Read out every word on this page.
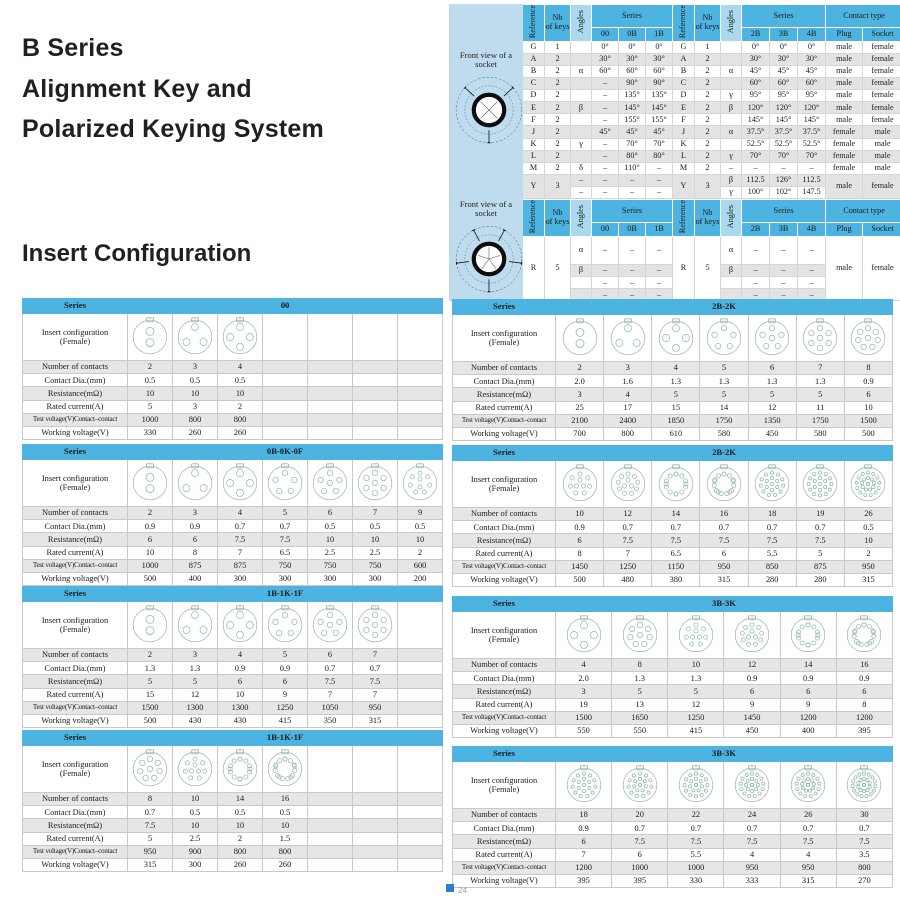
B Series
Alignment Key and
Polarized Keying System
Insert Configuration
Front view of a socket	Reference	Nb
of keys	Angles	Series			Reference	Nb
of keys	Angles	Series			Contact type	
				00	0B	1B				2B	3B	4B	Plug	Socket
	G	1		0°	0°	0°	G	1		0°	0°	0°	male	female
	A	2		30°	30°	30°	A	2		30°	30°	30°	male	female
	B	2	α	60°	60°	60°	B	2	α	45°	45°	45°	male	female
	C	2		–	90°	90°	C	2		60°	60°	60°	male	female
	D	2		–	135°	135°	D	2	γ	95°	95°	95°	male	female
	E	2	β	–	145°	145°	E	2	β	120°	120°	120°	male	female
	F	2		–	155°	155°	F	2		145°	145°	145°	male	female
	J	2		45°	45°	45°	J	2	α	37.5°	37.5°	37.5°	female	male
	K	2	γ	–	70°	70°	K	2		52.5°	52.5°	52.5°	female	male
	L	2		–	80°	80°	L	2	γ	70°	70°	70°	female	male
	M	2	δ	–	110°	–	M	2	–	–	–	–	female	male
	Y	3	–	–	–	–	Y	3	β	112.5	126°	112.5	male	female
			–	–	–	–			γ	100°	102°	147.5		
Front view of a socket	Reference	Nb
of keys	Angles	Series			Reference	Nb
of keys	Angles	Series			Contact type	
				00	0B	1B				2B	3B	4B	Plug	Socket
	R	5	α	–	–	–	R	5	α	–	–	–	male	female
			β	–	–	–			β	–	–	–		
				–	–	–				–	–	–		
				–	–	–				–	–	–		
Series	00						
Insert configuration
(Female)	

Number of contacts	2	3	4				
Contact Dia.(mm)	0.5	0.5	0.5				
Resistance(mΩ)	10	10	10				
Rated current(A)	5	3	2				
Test voltage(V)Contact–contact	1000	800	800				
Working voltage(V)	330	260	260				
Series	0B-0K-0F						
Insert configuration
(Female)	

Number of contacts	2	3	4	5	6	7	9
Contact Dia.(mm)	0.9	0.9	0.7	0.7	0.5	0.5	0.5
Resistance(mΩ)	6	6	7.5	7.5	10	10	10
Rated current(A)	10	8	7	6.5	2.5	2.5	2
Test voltage(V)Contact–contact	1000	875	875	750	750	750	600
Working voltage(V)	500	400	300	300	300	300	200
Series	1B-1K-1F						
Insert configuration
(Female)	

Number of contacts	2	3	4	5	6	7	
Contact Dia.(mm)	1.3	1.3	0.9	0.9	0.7	0.7	
Resistance(mΩ)	5	5	6	6	7.5	7.5	
Rated current(A)	15	12	10	9	7	7	
Test voltage(V)Contact–contact	1500	1300	1300	1250	1050	950	
Working voltage(V)	500	430	430	415	350	315	
Series	1B-1K-1F						
Insert configuration
(Female)	

Number of contacts	8	10	14	16			
Contact Dia.(mm)	0.7	0.5	0.5	0.5			
Resistance(mΩ)	7.5	10	10	10			
Rated current(A)	5	2.5	2	1.5			
Test voltage(V)Contact–contact	950	900	800	800			
Working voltage(V)	315	300	260	260			
Series	2B-2K						
Insert configuration
(Female)	

Number of contacts	2	3	4	5	6	7	8
Contact Dia.(mm)	2.0	1.6	1.3	1.3	1.3	1.3	0.9
Resistance(mΩ)	3	4	5	5	5	5	6
Rated current(A)	25	17	15	14	12	11	10
Test voltage(V)Contact–contact	2100	2400	1850	1750	1350	1750	1500
Working voltage(V)	700	800	610	580	450	580	500
Series	2B-2K						
Insert configuration
(Female)	

Number of contacts	10	12	14	16	18	19	26
Contact Dia.(mm)	0.9	0.7	0.7	0.7	0.7	0.7	0.5
Resistance(mΩ)	6	7.5	7.5	7.5	7.5	7.5	10
Rated current(A)	8	7	6.5	6	5.5	5	2
Test voltage(V)Contact–contact	1450	1250	1150	950	850	875	950
Working voltage(V)	500	480	380	315	280	280	315
Series	3B-3K					
Insert configuration
(Female)	

Number of contacts	4	8	10	12	14	16
Contact Dia.(mm)	2.0	1.3	1.3	0.9	0.9	0.9
Resistance(mΩ)	3	5	5	6	6	6
Rated current(A)	19	13	12	9	9	8
Test voltage(V)Contact–contact	1500	1650	1250	1450	1200	1200
Working voltage(V)	550	550	415	450	400	395
Series	3B-3K					
Insert configuration
(Female)	

Number of contacts	18	20	22	24	26	30
Contact Dia.(mm)	0.9	0.7	0.7	0.7	0.7	0.7
Resistance(mΩ)	6	7.5	7.5	7.5	7.5	7.5
Rated current(A)	7	6	5.5	4	4	3.5
Test voltage(V)Contact–contact	1200	1000	1000	950	950	800
Working voltage(V)	395	395	330	333	315	270
24
